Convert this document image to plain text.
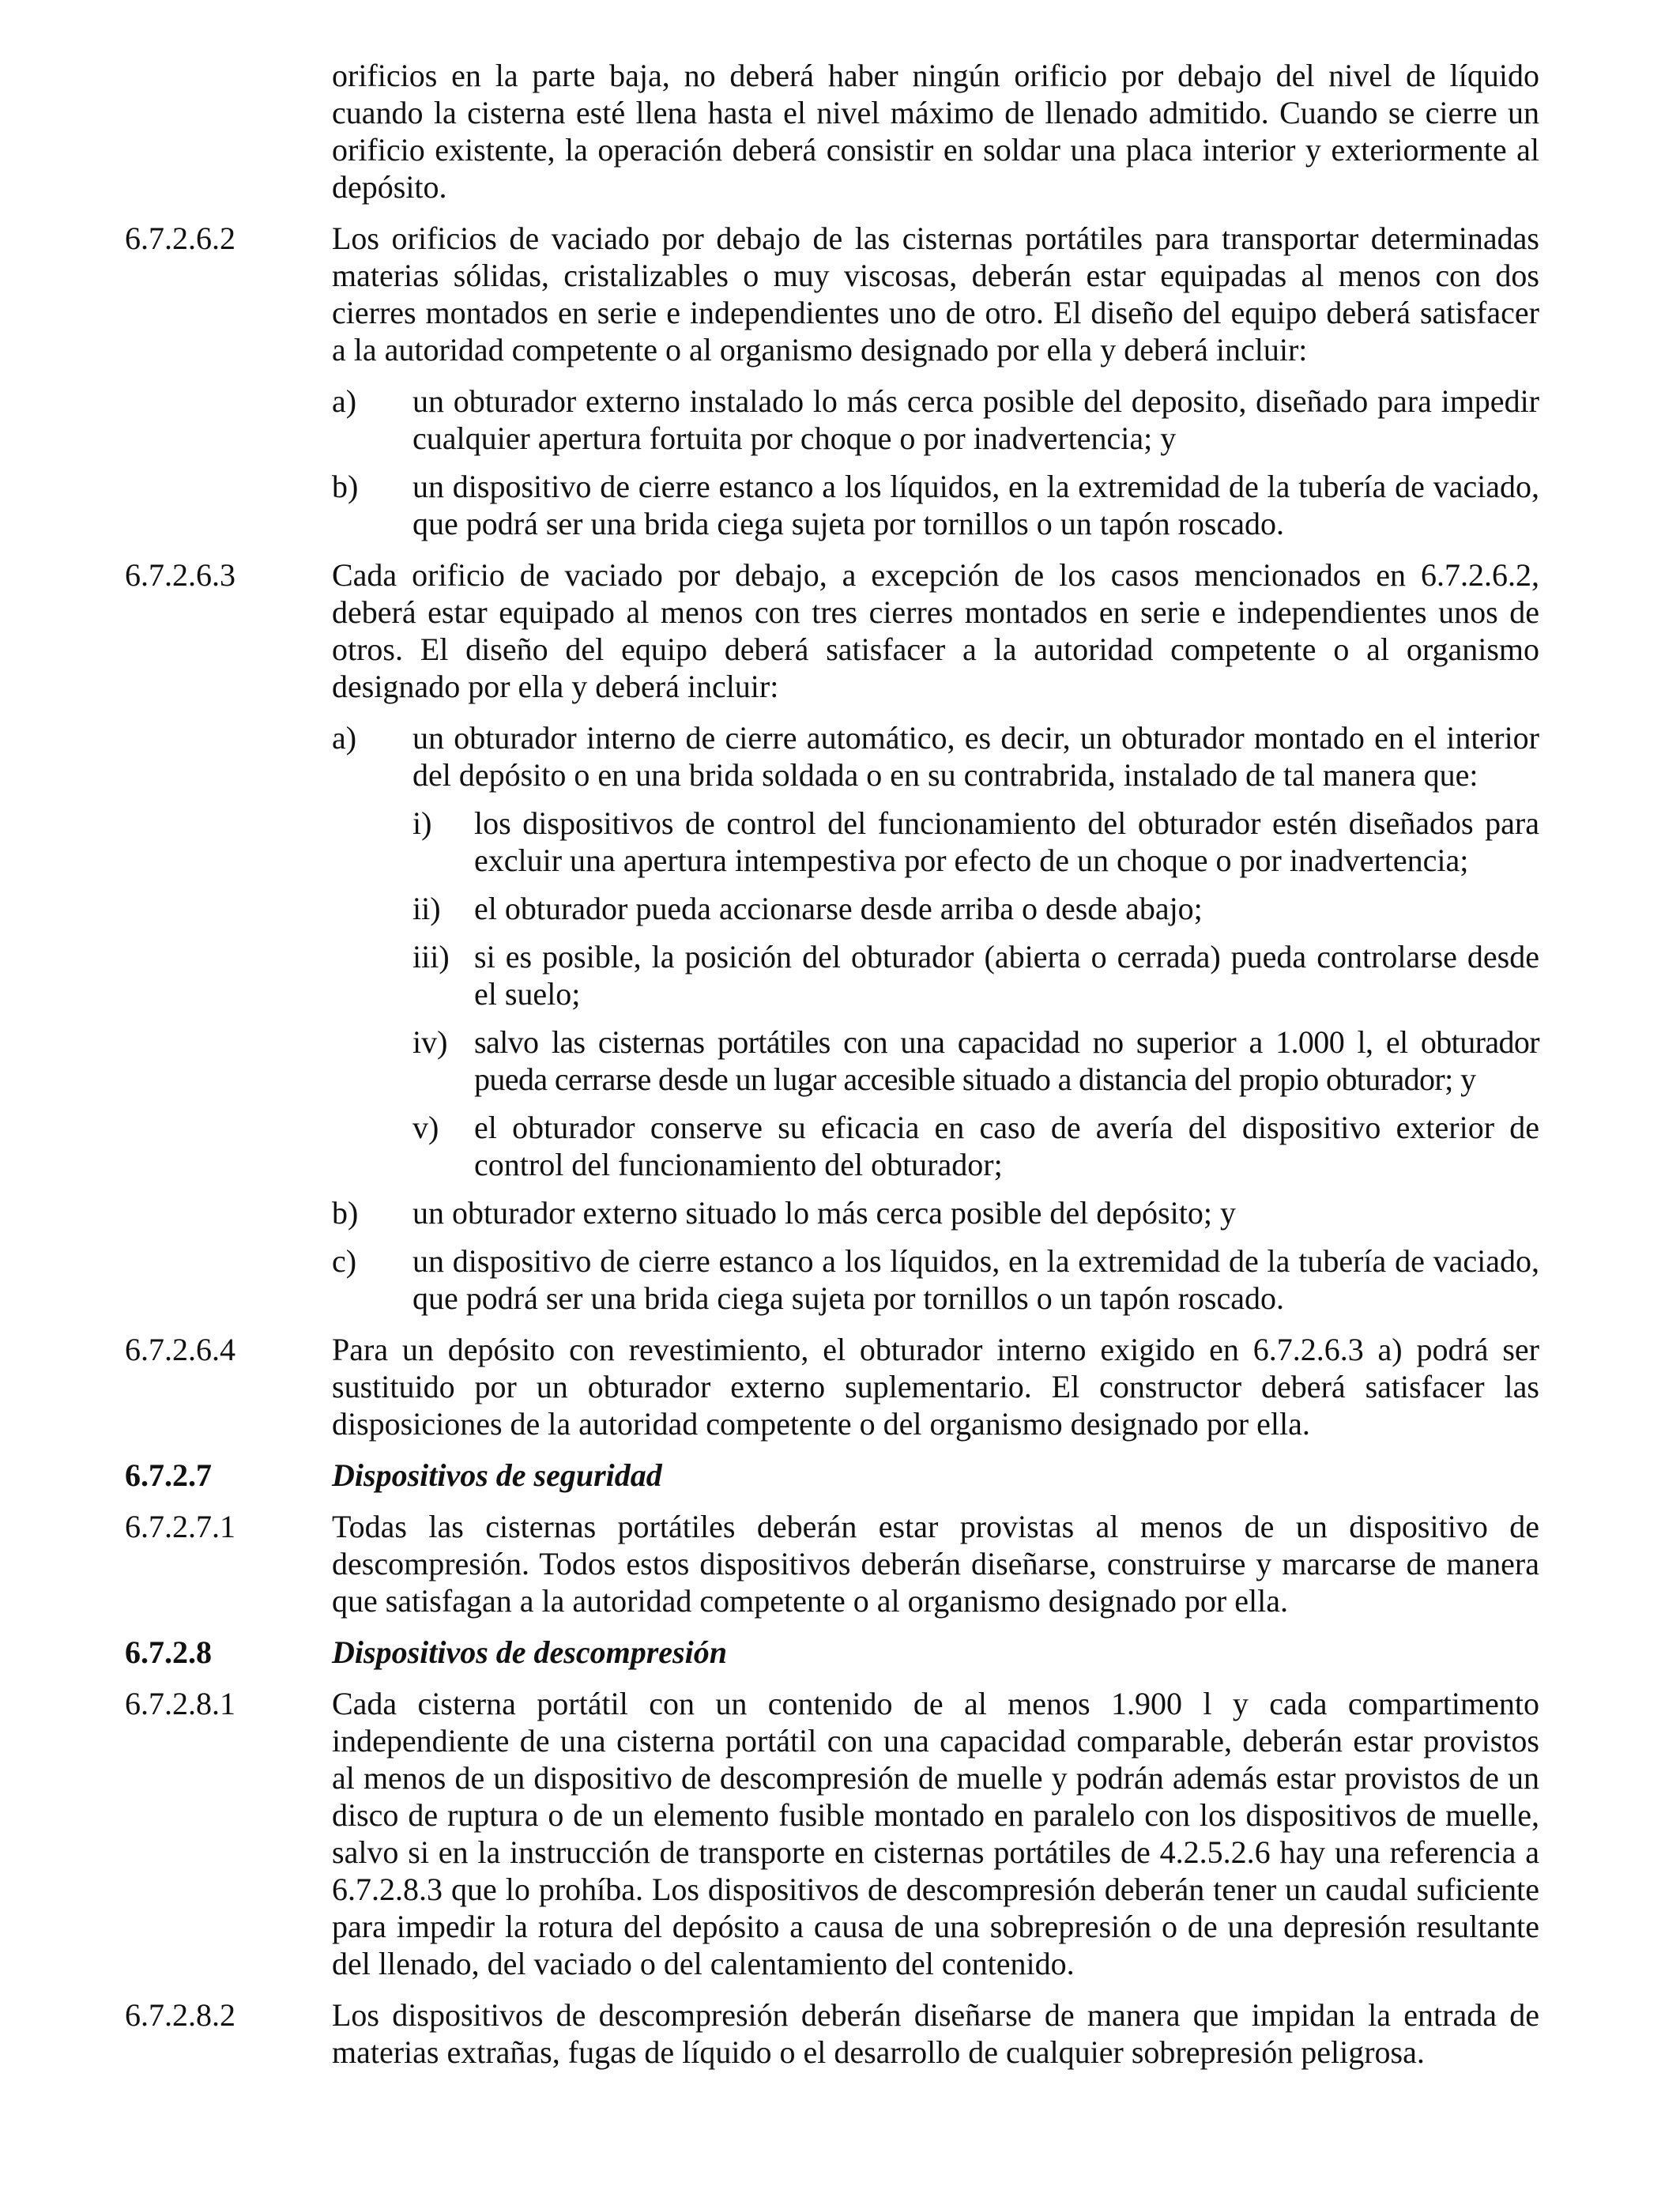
orificios en la parte baja, no deberá haber ningún orificio por debajo del nivel de líquido cuando la cisterna esté llena hasta el nivel máximo de llenado admitido. Cuando se cierre un orificio existente, la operación deberá consistir en soldar una placa interior y exteriormente al depósito.
6.7.2.6.2	Los orificios de vaciado por debajo de las cisternas portátiles para transportar determinadas materias sólidas, cristalizables o muy viscosas, deberán estar equipadas al menos con dos cierres montados en serie e independientes uno de otro. El diseño del equipo deberá satisfacer a la autoridad competente o al organismo designado por ella y deberá incluir:
a) un obturador externo instalado lo más cerca posible del deposito, diseñado para impedir cualquier apertura fortuita por choque o por inadvertencia; y
b) un dispositivo de cierre estanco a los líquidos, en la extremidad de la tubería de vaciado, que podrá ser una brida ciega sujeta por tornillos o un tapón roscado.
6.7.2.6.3	Cada orificio de vaciado por debajo, a excepción de los casos mencionados en 6.7.2.6.2, deberá estar equipado al menos con tres cierres montados en serie e independientes unos de otros. El diseño del equipo deberá satisfacer a la autoridad competente o al organismo designado por ella y deberá incluir:
a) un obturador interno de cierre automático, es decir, un obturador montado en el interior del depósito o en una brida soldada o en su contrabrida, instalado de tal manera que:
i) los dispositivos de control del funcionamiento del obturador estén diseñados para excluir una apertura intempestiva por efecto de un choque o por inadvertencia;
ii) el obturador pueda accionarse desde arriba o desde abajo;
iii) si es posible, la posición del obturador (abierta o cerrada) pueda controlarse desde el suelo;
iv) salvo las cisternas portátiles con una capacidad no superior a 1.000 l, el obturador pueda cerrarse desde un lugar accesible situado a distancia del propio obturador; y
v) el obturador conserve su eficacia en caso de avería del dispositivo exterior de control del funcionamiento del obturador;
b) un obturador externo situado lo más cerca posible del depósito; y
c) un dispositivo de cierre estanco a los líquidos, en la extremidad de la tubería de vaciado, que podrá ser una brida ciega sujeta por tornillos o un tapón roscado.
6.7.2.6.4	Para un depósito con revestimiento, el obturador interno exigido en 6.7.2.6.3 a) podrá ser sustituido por un obturador externo suplementario. El constructor deberá satisfacer las disposiciones de la autoridad competente o del organismo designado por ella.
6.7.2.7	Dispositivos de seguridad
6.7.2.7.1	Todas las cisternas portátiles deberán estar provistas al menos de un dispositivo de descompresión. Todos estos dispositivos deberán diseñarse, construirse y marcarse de manera que satisfagan a la autoridad competente o al organismo designado por ella.
6.7.2.8	Dispositivos de descompresión
6.7.2.8.1	Cada cisterna portátil con un contenido de al menos 1.900 l y cada compartimento independiente de una cisterna portátil con una capacidad comparable, deberán estar provistos al menos de un dispositivo de descompresión de muelle y podrán además estar provistos de un disco de ruptura o de un elemento fusible montado en paralelo con los dispositivos de muelle, salvo si en la instrucción de transporte en cisternas portátiles de 4.2.5.2.6 hay una referencia a 6.7.2.8.3 que lo prohíba. Los dispositivos de descompresión deberán tener un caudal suficiente para impedir la rotura del depósito a causa de una sobrepresión o de una depresión resultante del llenado, del vaciado o del calentamiento del contenido.
6.7.2.8.2	Los dispositivos de descompresión deberán diseñarse de manera que impidan la entrada de materias extrañas, fugas de líquido o el desarrollo de cualquier sobrepresión peligrosa.
